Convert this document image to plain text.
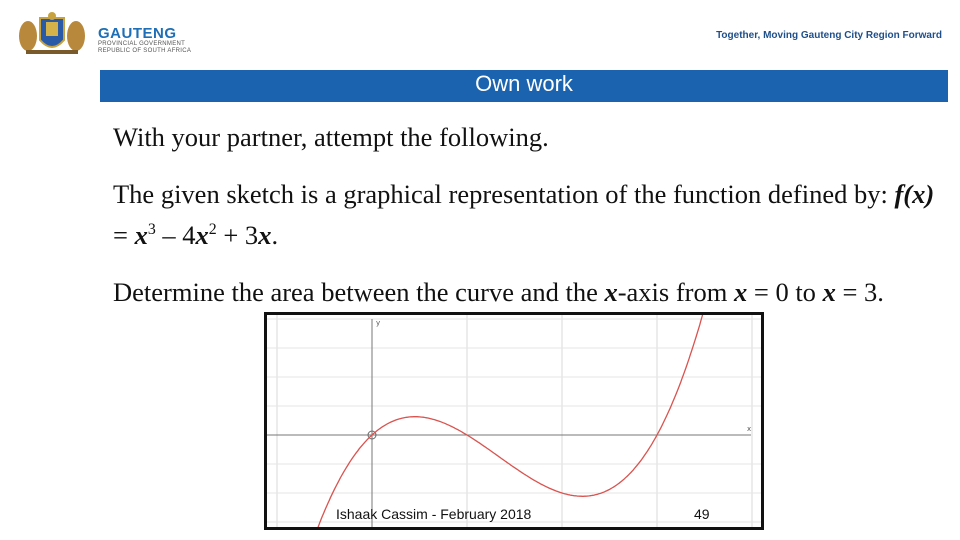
GAUTENG
PROVINCIAL GOVERNMENT
REPUBLIC OF SOUTH AFRICA
Together, Moving Gauteng City Region Forward
Own work
With your partner, attempt the following.
The given sketch is a graphical representation of the function defined by: $f(x) = x^3 - 4x^2 + 3x$.
Determine the area between the curve and the x-axis from x = 0 to x = 3.
y
x
Ishaak Cassim - February 2018	49
